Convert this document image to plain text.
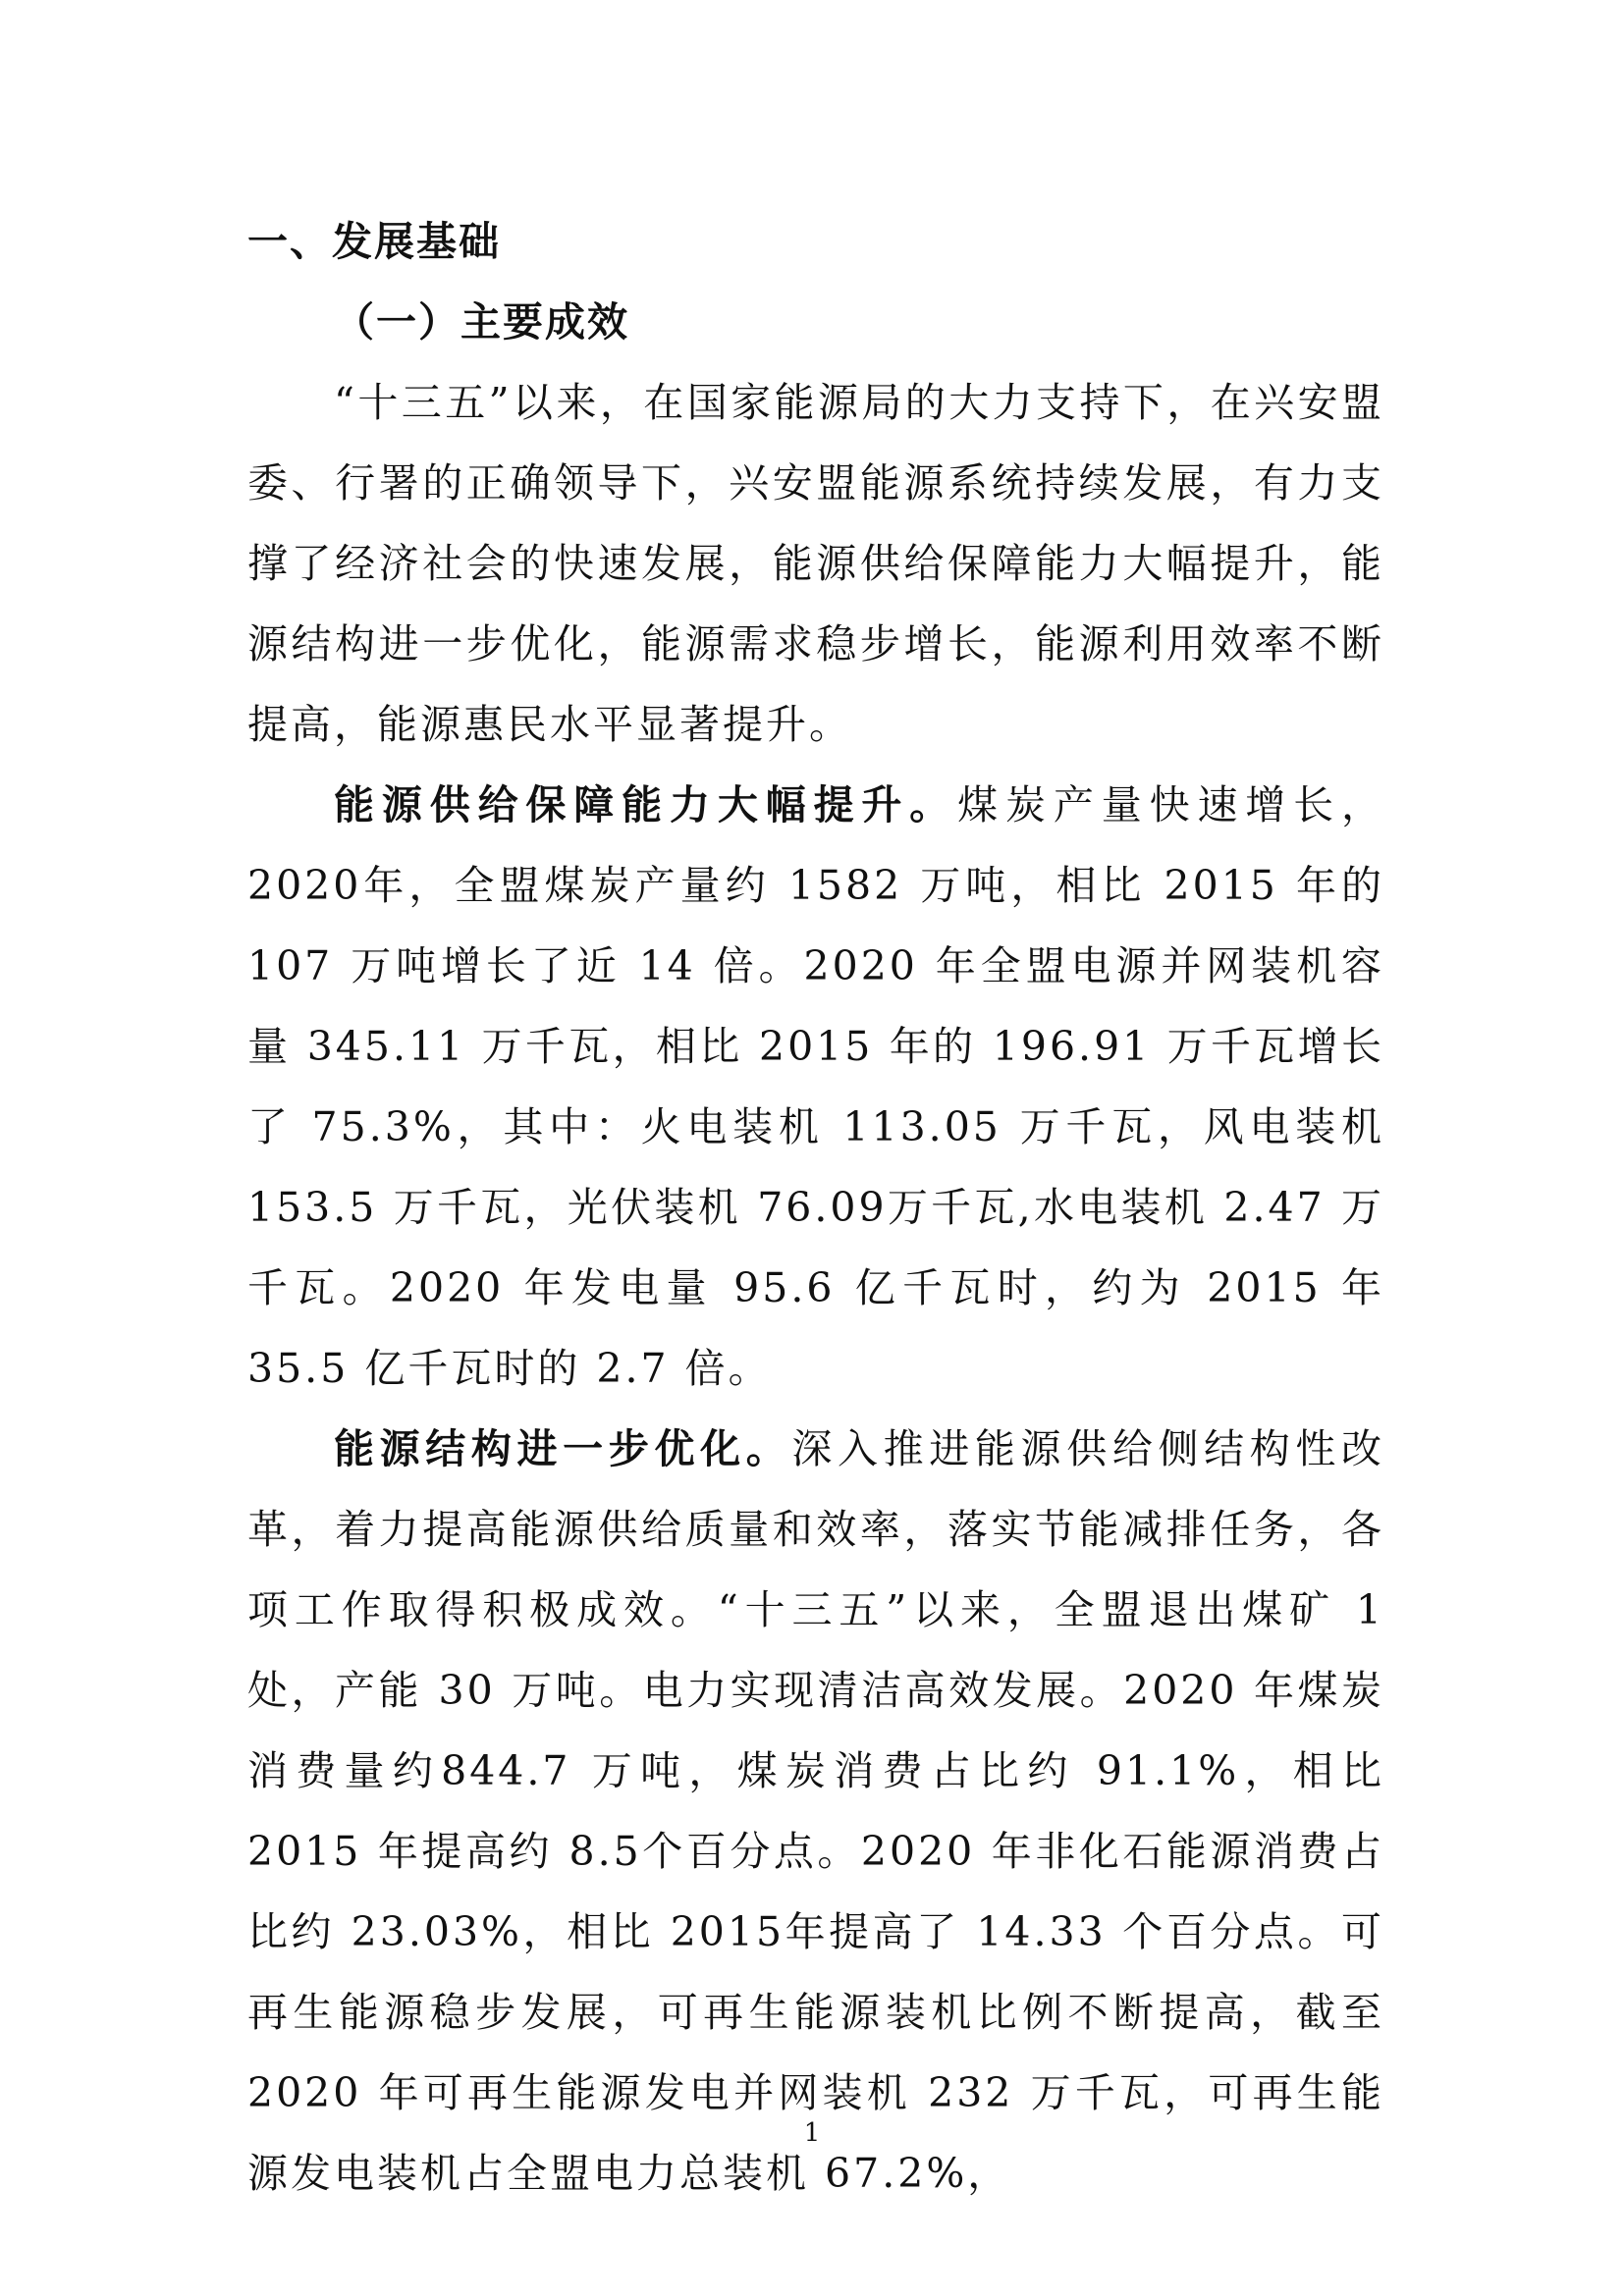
一、发展基础
（一）主要成效

“十三五”以来，在国家能源局的大力支持下，在兴安盟委、行署的正确领导下，兴安盟能源系统持续发展，有力支撑了经济社会的快速发展，能源供给保障能力大幅提升，能源结构进一步优化，能源需求稳步增长，能源利用效率不断提高，能源惠民水平显著提升。

能源供给保障能力大幅提升。煤炭产量快速增长，2020年，全盟煤炭产量约 1582 万吨，相比 2015 年的 107 万吨增长了近 14 倍。2020 年全盟电源并网装机容量 345.11 万千瓦，相比 2015 年的 196.91 万千瓦增长了 75.3%，其中：火电装机 113.05 万千瓦，风电装机 153.5 万千瓦，光伏装机 76.09万千瓦,水电装机 2.47 万千瓦。2020 年发电量 95.6 亿千瓦时，约为 2015 年 35.5 亿千瓦时的 2.7 倍。

能源结构进一步优化。深入推进能源供给侧结构性改革，着力提高能源供给质量和效率，落实节能减排任务，各项工作取得积极成效。“十三五”以来，全盟退出煤矿 1 处，产能 30 万吨。电力实现清洁高效发展。2020 年煤炭消费量约844.7 万吨，煤炭消费占比约 91.1%，相比 2015 年提高约 8.5个百分点。2020 年非化石能源消费占比约 23.03%，相比 2015年提高了 14.33 个百分点。可再生能源稳步发展，可再生能源装机比例不断提高，截至 2020 年可再生能源发电并网装机 232 万千瓦，可再生能源发电装机占全盟电力总装机 67.2%，

1
